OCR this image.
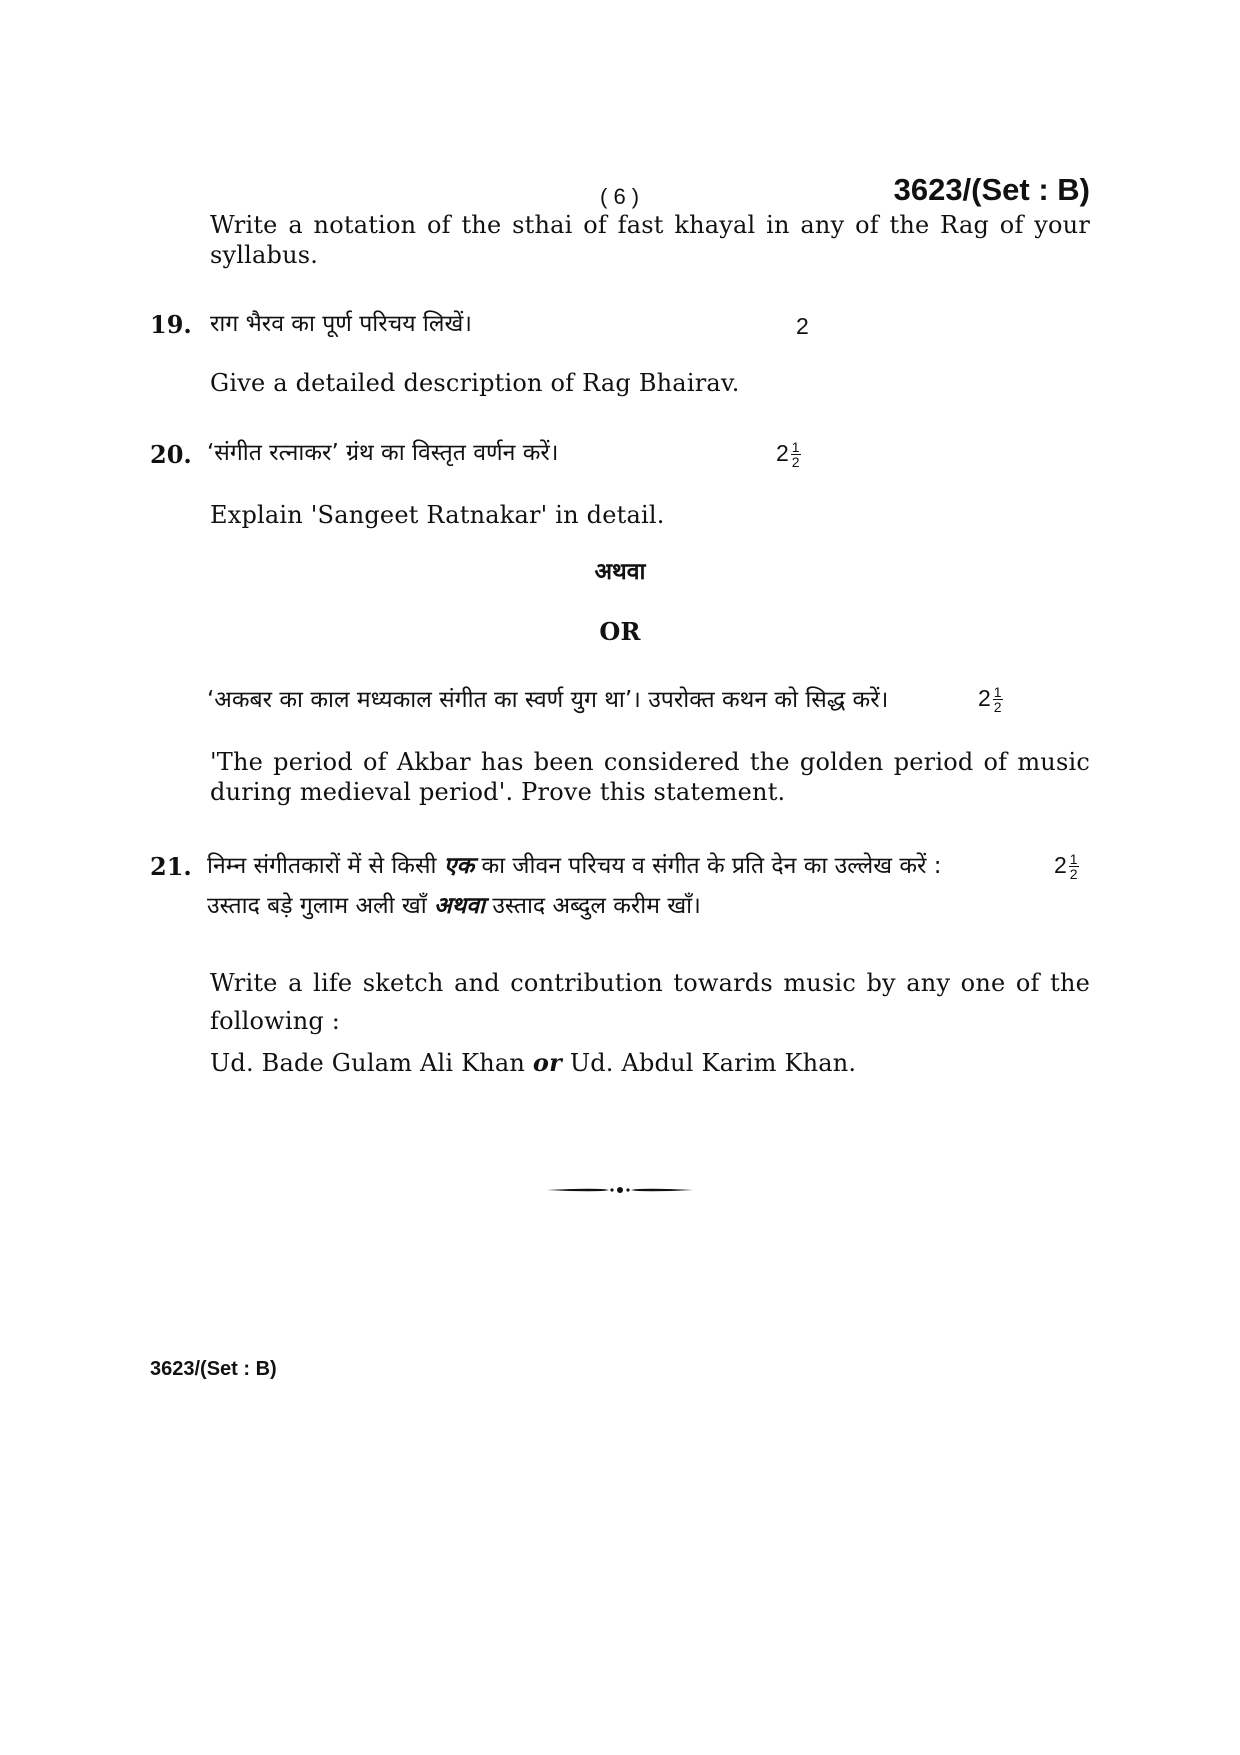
( 6 )	3623/(Set : B)
Write a notation of the sthai of fast khayal in any of the Rag of your syllabus.
19. राग भैरव का पूर्ण परिचय लिखें।	2
Give a detailed description of Rag Bhairav.
20. ‘संगीत रत्नाकर’ ग्रंथ का विस्तृत वर्णन करें।	$2 \frac{1}{2}$
Explain 'Sangeet Ratnakar' in detail.
अथवा
OR
‘अकबर का काल मध्यकाल संगीत का स्वर्ण युग था’। उपरोक्त कथन को सिद्ध करें।	$2 \frac{1}{2}$
'The period of Akbar has been considered the golden period of music during medieval period'. Prove this statement.
21. निम्न संगीतकारों में से किसी एक का जीवन परिचय व संगीत के प्रति देन का उल्लेख करें :	$2 \frac{1}{2}$
उस्ताद बड़े गुलाम अली खाँ अथवा उस्ताद अब्दुल करीम खाँ।
Write a life sketch and contribution towards music by any one of the
following :
Ud. Bade Gulam Ali Khan or Ud. Abdul Karim Khan.
3623/(Set : B)
